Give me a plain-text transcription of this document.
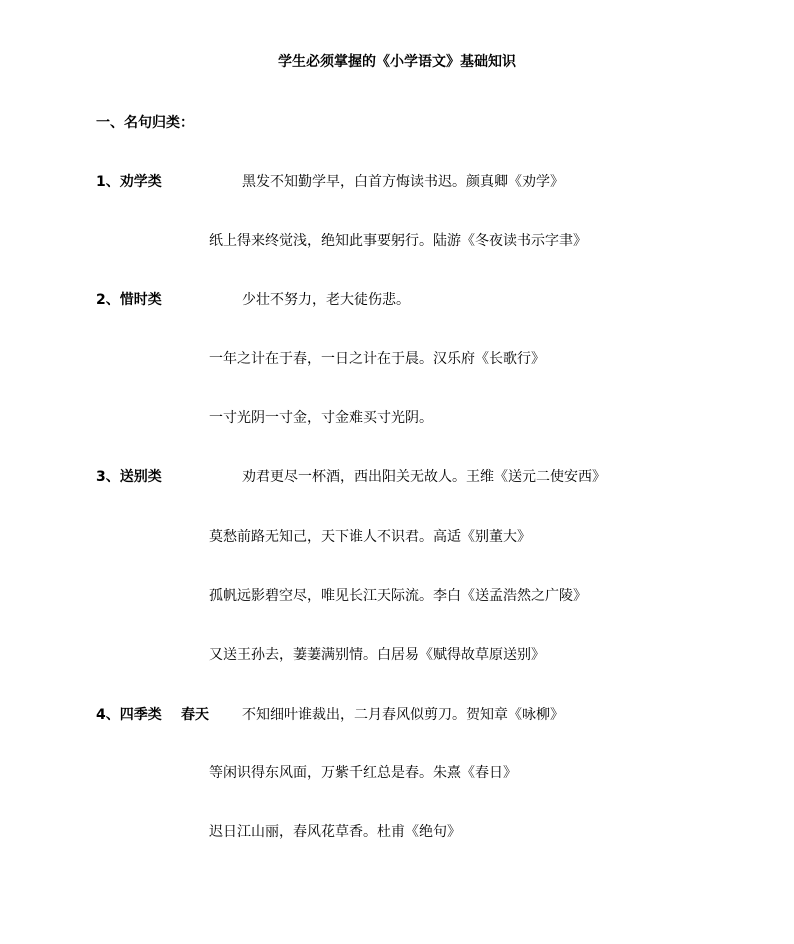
学生必须掌握的《小学语文》基础知识
一、名句归类：
1、劝学类	黑发不知勤学早，白首方悔读书迟。颜真卿《劝学》
纸上得来终觉浅，绝知此事要躬行。陆游《冬夜读书示字聿》
2、惜时类	少壮不努力，老大徒伤悲。
一年之计在于春，一日之计在于晨。汉乐府《长歌行》
一寸光阴一寸金，寸金难买寸光阴。
3、送别类	劝君更尽一杯酒，西出阳关无故人。王维《送元二使安西》
莫愁前路无知己，天下谁人不识君。高适《别董大》
孤帆远影碧空尽，唯见长江天际流。李白《送孟浩然之广陵》
又送王孙去，萋萋满别情。白居易《赋得故草原送别》
4、四季类 春天 不知细叶谁裁出，二月春风似剪刀。贺知章《咏柳》
等闲识得东风面，万紫千红总是春。朱熹《春日》
迟日江山丽，春风花草香。杜甫《绝句》
